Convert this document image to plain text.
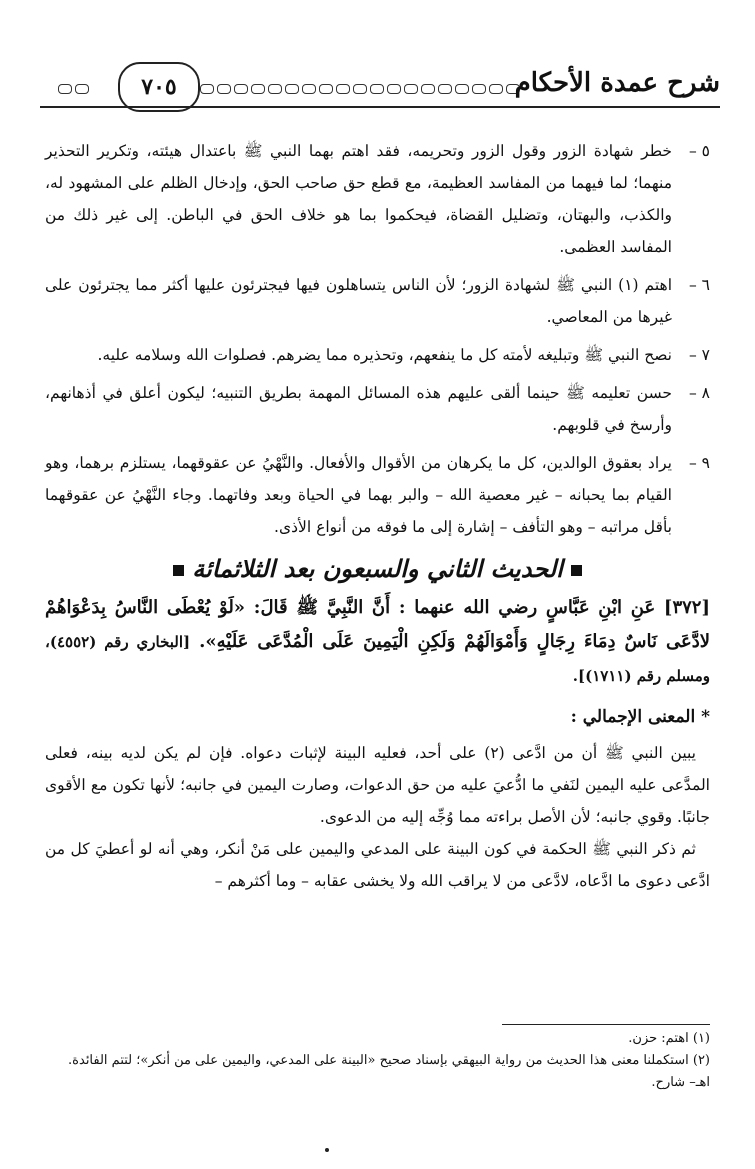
٧٠٥	شرح عمدة الأحكام
٥ –
خطر شهادة الزور وقول الزور وتحريمه، فقد اهتم بهما النبي ﷺ باعتدال هيئته، وتكرير التحذير منهما؛ لما فيهما من المفاسد العظيمة، مع قطع حق صاحب الحق، وإدخال الظلم على المشهود له، والكذب، والبهتان، وتضليل القضاة، فيحكموا بما هو خلاف الحق في الباطن. إلى غير ذلك من المفاسد العظمى.
٦ –
اهتم (١) النبي ﷺ لشهادة الزور؛ لأن الناس يتساهلون فيها فيجترئون عليها أكثر مما يجترئون على غيرها من المعاصي.
٧ –
نصح النبي ﷺ وتبليغه لأمته كل ما ينفعهم، وتحذيره مما يضرهم. فصلوات الله وسلامه عليه.
٨ –
حسن تعليمه ﷺ حينما ألقى عليهم هذه المسائل المهمة بطريق التنبيه؛ ليكون أعلق في أذهانهم، وأرسخ في قلوبهم.
٩ –
يراد بعقوق الوالدين، كل ما يكرهان من الأقوال والأفعال. والنَّهْيُ عن عقوقهما، يستلزم برهما، وهو القيام بما يحبانه – غير معصية الله – والبر بهما في الحياة وبعد وفاتهما. وجاء النَّهْيُ عن عقوقهما بأقل مراتبه – وهو التأفف – إشارة إلى ما فوقه من أنواع الأذى.
الحديث الثاني والسبعون بعد الثلاثمائة
[٣٧٢] عَنِ ابْنِ عَبَّاسٍ رضي الله عنهما : أَنَّ النَّبِيَّ ﷺ قَالَ: «لَوْ يُعْطَى النَّاسُ بِدَعْوَاهُمْ لادَّعَى نَاسٌ دِمَاءَ رِجَالٍ وَأَمْوَالَهُمْ وَلَكِنِ الْيَمِينَ عَلَى الْمُدَّعَى عَلَيْهِ». [البخاري رقم (٤٥٥٢)، ومسلم رقم (١٧١١)].
* المعنى الإجمالي :

يبين النبي ﷺ أن من ادَّعى (٢) على أحد، فعليه البينة لإثبات دعواه. فإن لم يكن لديه بينه، فعلى المدَّعى عليه اليمين لنَفي ما ادُّعيَ عليه من حق الدعوات، وصارت اليمين في جانبه؛ لأنها تكون مع الأقوى جانبًا. وقوي جانبه؛ لأن الأصل براءته مما وُجِّه إليه من الدعوى.

ثم ذكر النبي ﷺ الحكمة في كون البينة على المدعي واليمين على مَنْ أنكر، وهي أنه لو أعطيَ كل من ادَّعى دعوى ما ادَّعاه، لادَّعى من لا يراقب الله ولا يخشى عقابه – وما أكثرهم –

(١) اهتم: حزن.

(٢) استكملنا معنى هذا الحديث من رواية البيهقي بإسناد صحيح «البينة على المدعي، واليمين على من أنكر»؛ لتتم الفائدة. اهـ– شارح.
